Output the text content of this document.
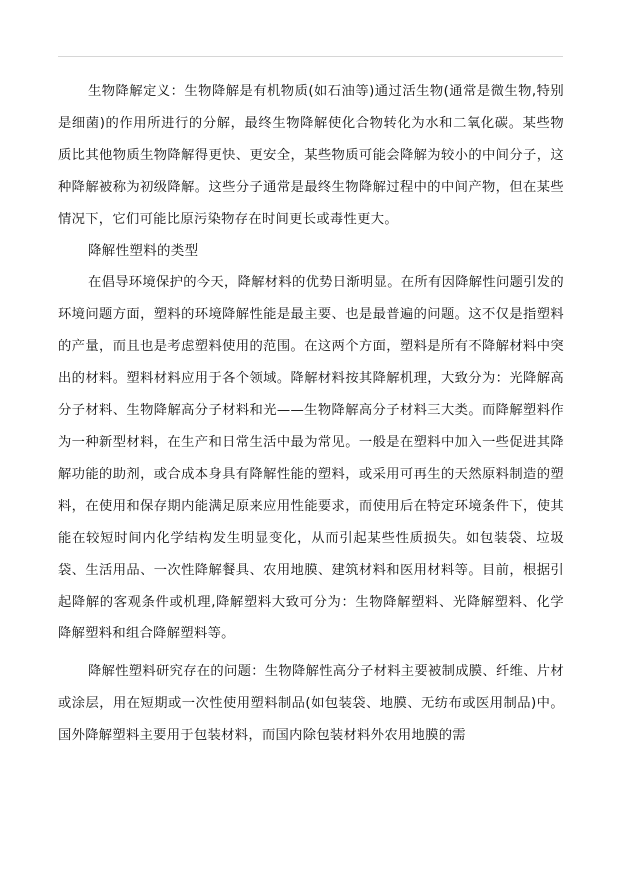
生物降解定义：生物降解是有机物质(如石油等)通过活生物(通常是微生物,特别是细菌)的作用所进行的分解，最终生物降解使化合物转化为水和二氧化碳。某些物质比其他物质生物降解得更快、更安全，某些物质可能会降解为较小的中间分子，这种降解被称为初级降解。这些分子通常是最终生物降解过程中的中间产物，但在某些情况下，它们可能比原污染物存在时间更长或毒性更大。

降解性塑料的类型

在倡导环境保护的今天，降解材料的优势日渐明显。在所有因降解性问题引发的环境问题方面，塑料的环境降解性能是最主要、也是最普遍的问题。这不仅是指塑料的产量，而且也是考虑塑料使用的范围。在这两个方面，塑料是所有不降解材料中突出的材料。塑料材料应用于各个领域。降解材料按其降解机理，大致分为：光降解高分子材料、生物降解高分子材料和光——生物降解高分子材料三大类。而降解塑料作为一种新型材料，在生产和日常生活中最为常见。一般是在塑料中加入一些促进其降解功能的助剂，或合成本身具有降解性能的塑料，或采用可再生的天然原料制造的塑料，在使用和保存期内能满足原来应用性能要求，而使用后在特定环境条件下，使其能在较短时间内化学结构发生明显变化，从而引起某些性质损失。如包装袋、垃圾袋、生活用品、一次性降解餐具、农用地膜、建筑材料和医用材料等。目前，根据引起降解的客观条件或机理,降解塑料大致可分为：生物降解塑料、光降解塑料、化学降解塑料和组合降解塑料等。

降解性塑料研究存在的问题：生物降解性高分子材料主要被制成膜、纤维、片材或涂层，用在短期或一次性使用塑料制品(如包装袋、地膜、无纺布或医用制品)中。国外降解塑料主要用于包装材料，而国内除包装材料外农用地膜的需
